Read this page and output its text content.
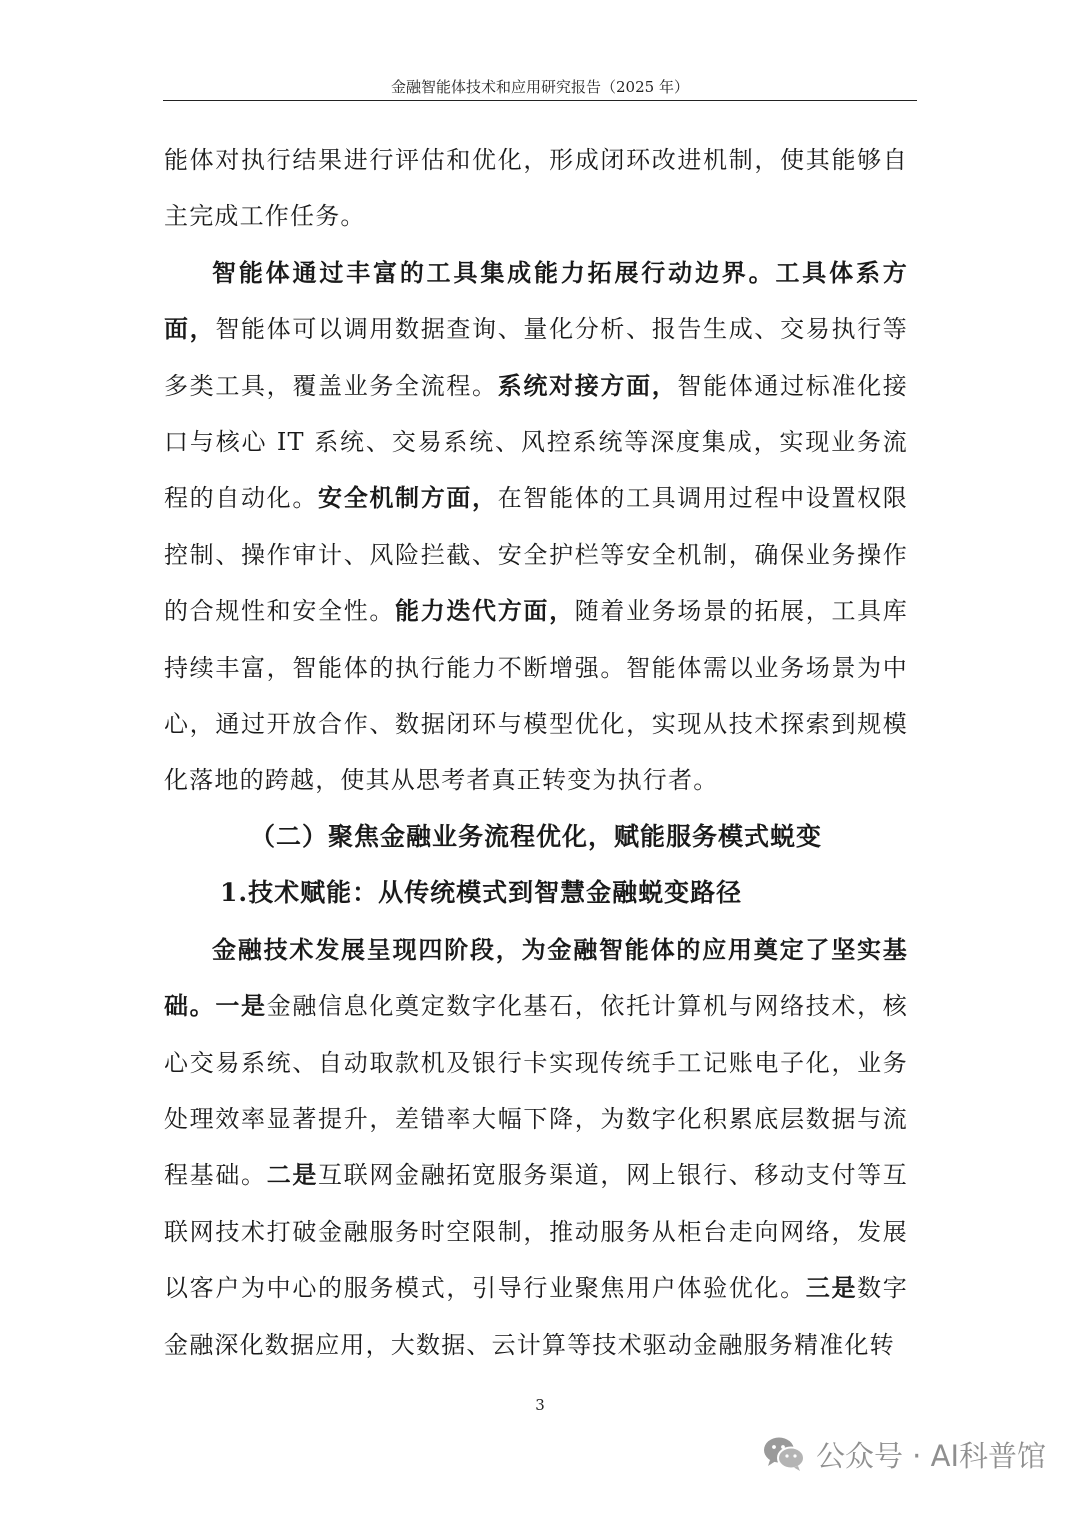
金融智能体技术和应用研究报告（2025 年）

能体对执行结果进行评估和优化，形成闭环改进机制，使其能够自主完成工作任务。

智能体通过丰富的工具集成能力拓展行动边界。工具体系方面，智能体可以调用数据查询、量化分析、报告生成、交易执行等多类工具，覆盖业务全流程。系统对接方面，智能体通过标准化接口与核心 IT 系统、交易系统、风控系统等深度集成，实现业务流程的自动化。安全机制方面，在智能体的工具调用过程中设置权限控制、操作审计、风险拦截、安全护栏等安全机制，确保业务操作的合规性和安全性。能力迭代方面，随着业务场景的拓展，工具库持续丰富，智能体的执行能力不断增强。智能体需以业务场景为中心，通过开放合作、数据闭环与模型优化，实现从技术探索到规模化落地的跨越，使其从思考者真正转变为执行者。

（二）聚焦金融业务流程优化，赋能服务模式蜕变
1.技术赋能：从传统模式到智慧金融蜕变路径

金融技术发展呈现四阶段，为金融智能体的应用奠定了坚实基础。一是金融信息化奠定数字化基石，依托计算机与网络技术，核心交易系统、自动取款机及银行卡实现传统手工记账电子化，业务处理效率显著提升，差错率大幅下降，为数字化积累底层数据与流程基础。二是互联网金融拓宽服务渠道，网上银行、移动支付等互联网技术打破金融服务时空限制，推动服务从柜台走向网络，发展以客户为中心的服务模式，引导行业聚焦用户体验优化。三是数字金融深化数据应用，大数据、云计算等技术驱动金融服务精准化转

3
公众号 · AI科普馆
